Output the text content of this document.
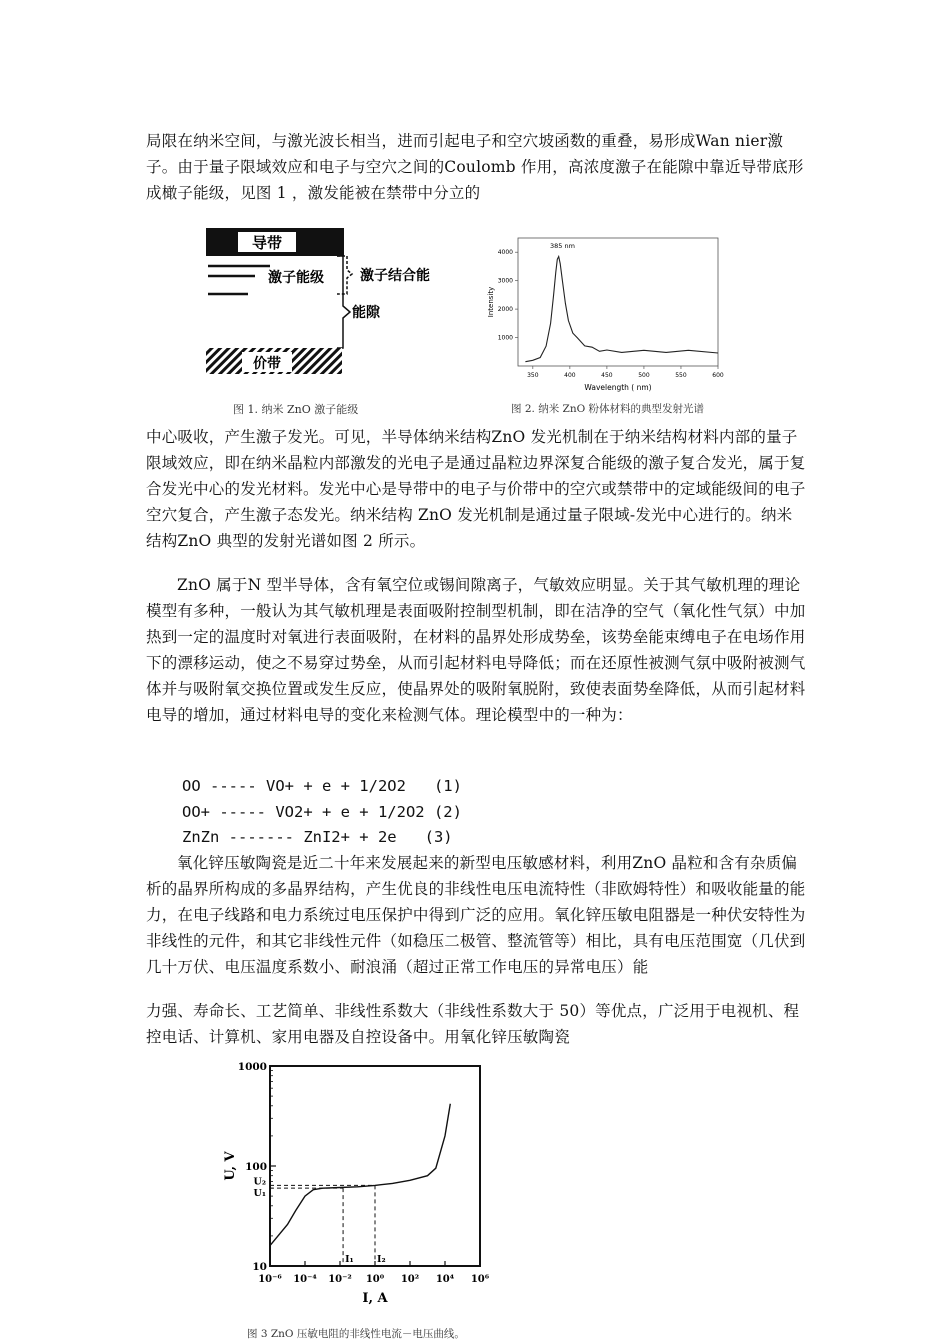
局限在纳米空间，与激光波长相当，进而引起电子和空穴坡函数的重叠，易形成Wan nier激子。由于量子限域效应和电子与空穴之间的Coulomb 作用，高浓度激子在能隙中靠近导带底形成橄子能级，见图 1 ，激发能被在禁带中分立的

导带
激子能级	激子结合能
能隙
价带

图 1. 纳米 ZnO 激子能级

Intensity
Wavelength ( nm)
385 nm
350	400	450	500	550	600
1000
2000
3000
4000

图 2. 纳米 ZnO 粉体材料的典型发射光谱

中心吸收，产生激子发光。可见，半导体纳米结构ZnO 发光机制在于纳米结构材料内部的量子限域效应，即在纳米晶粒内部激发的光电子是通过晶粒边界深复合能级的激子复合发光，属于复合发光中心的发光材料。发光中心是导带中的电子与价带中的空穴或禁带中的定域能级间的电子空穴复合，产生激子态发光。纳米结构 ZnO 发光机制是通过量子限域-发光中心进行的。纳米结构ZnO 典型的发射光谱如图 2 所示。

ZnO 属于N 型半导体，含有氧空位或锡间隙离子，气敏效应明显。关于其气敏机理的理论模型有多种，一般认为其气敏机理是表面吸附控制型机制，即在洁净的空气（氧化性气氛）中加热到一定的温度时对氧进行表面吸附，在材料的晶界处形成势垒，该势垒能束缚电子在电场作用下的漂移运动，使之不易穿过势垒，从而引起材料电导降低；而在还原性被测气氛中吸附被测气体并与吸附氧交换位置或发生反应，使晶界处的吸附氧脱附，致使表面势垒降低，从而引起材料电导的增加，通过材料电导的变化来检测气体。理论模型中的一种为：

OO ----- VO+ + e + 1/2O2   (1)

OO+ ----- VO2+ + e + 1/2O2 (2)

ZnZn ------- ZnI2+ + 2e   (3)

氧化锌压敏陶瓷是近二十年来发展起来的新型电压敏感材料，利用ZnO 晶粒和含有杂质偏析的晶界所构成的多晶界结构，产生优良的非线性电压电流特性（非欧姆特性）和吸收能量的能力，在电子线路和电力系统过电压保护中得到广泛的应用。氧化锌压敏电阻器是一种伏安特性为非线性的元件，和其它非线性元件（如稳压二极管、整流管等）相比，具有电压范围宽（几伏到几十万伏、电压温度系数小、耐浪涌（超过正常工作电压的异常电压）能

力强、寿命长、工艺简单、非线性系数大（非线性系数大于 50）等优点，广泛用于电视机、程控电话、计算机、家用电器及自控设备中。用氧化锌压敏陶瓷

U, V
I, A
10⁻⁶ 10⁻⁴ 10⁻² 10⁰ 10² 10⁴ 10⁶
1000
100
10
U₂
U₁
I₁ I₂

图 3 ZnO 压敏电阻的非线性电流－电压曲线。
